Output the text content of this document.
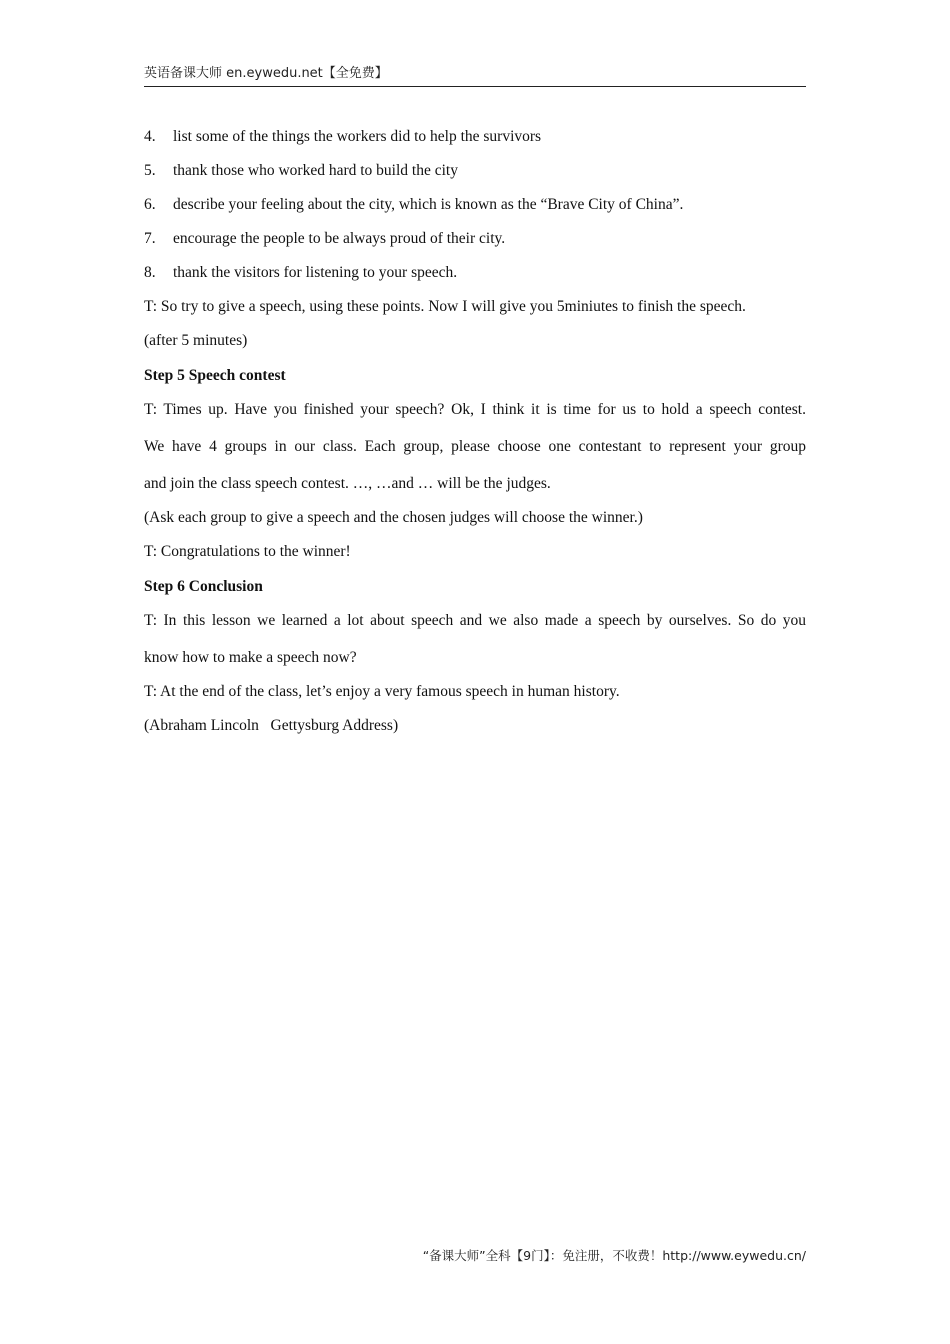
英语备课大师 en.eywedu.net【全免费】

4. list some of the things the workers did to help the survivors

5. thank those who worked hard to build the city

6. describe your feeling about the city, which is known as the “Brave City of China”.

7. encourage the people to be always proud of their city.

8. thank the visitors for listening to your speech.

T: So try to give a speech, using these points. Now I will give you 5miniutes to finish the speech.

(after 5 minutes)

Step 5 Speech contest

T: Times up. Have you finished your speech? Ok, I think it is time for us to hold a speech contest.

We have 4 groups in our class. Each group, please choose one contestant to represent your group

and join the class speech contest. …, …and … will be the judges.

(Ask each group to give a speech and the chosen judges will choose the winner.)

T: Congratulations to the winner!

Step 6 Conclusion

T: In this lesson we learned a lot about speech and we also made a speech by ourselves. So do you

know how to make a speech now?

T: At the end of the class, let’s enjoy a very famous speech in human history.

(Abraham Lincoln   Gettysburg Address)

“备课大师”全科【9门】：免注册，不收费！http://www.eywedu.cn/
